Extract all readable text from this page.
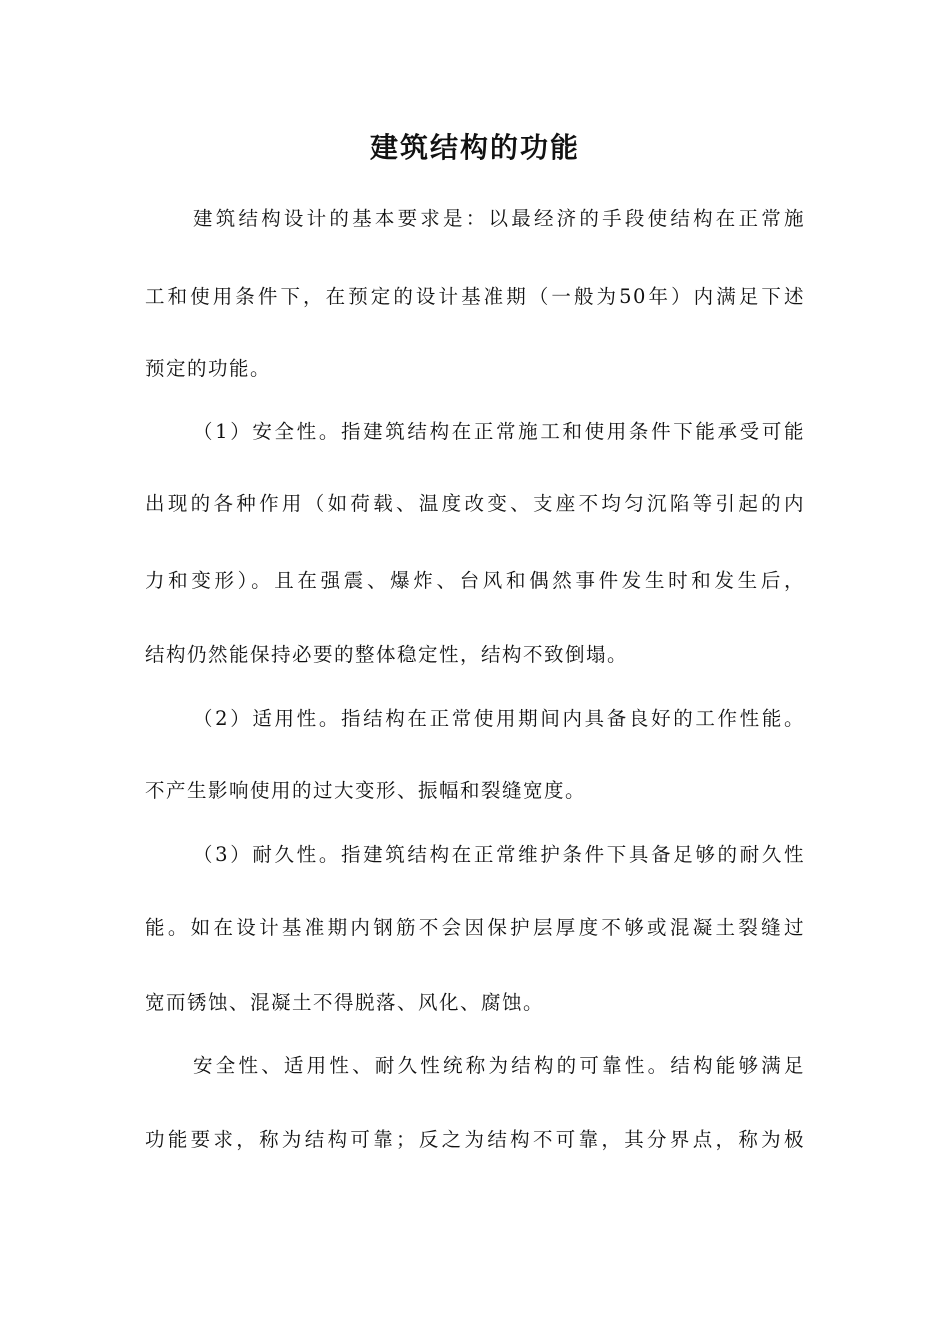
建筑结构的功能

建筑结构设计的基本要求是：以最经济的手段使结构在正常施

工和使用条件下，在预定的设计基准期（一般为50年）内满足下述

预定的功能。

（1）安全性。指建筑结构在正常施工和使用条件下能承受可能

出现的各种作用（如荷载、温度改变、支座不均匀沉陷等引起的内

力和变形）。且在强震、爆炸、台风和偶然事件发生时和发生后，

结构仍然能保持必要的整体稳定性，结构不致倒塌。

（2）适用性。指结构在正常使用期间内具备良好的工作性能。

不产生影响使用的过大变形、振幅和裂缝宽度。

（3）耐久性。指建筑结构在正常维护条件下具备足够的耐久性

能。如在设计基准期内钢筋不会因保护层厚度不够或混凝土裂缝过

宽而锈蚀、混凝土不得脱落、风化、腐蚀。

安全性、适用性、耐久性统称为结构的可靠性。结构能够满足

功能要求，称为结构可靠；反之为结构不可靠，其分界点，称为极
